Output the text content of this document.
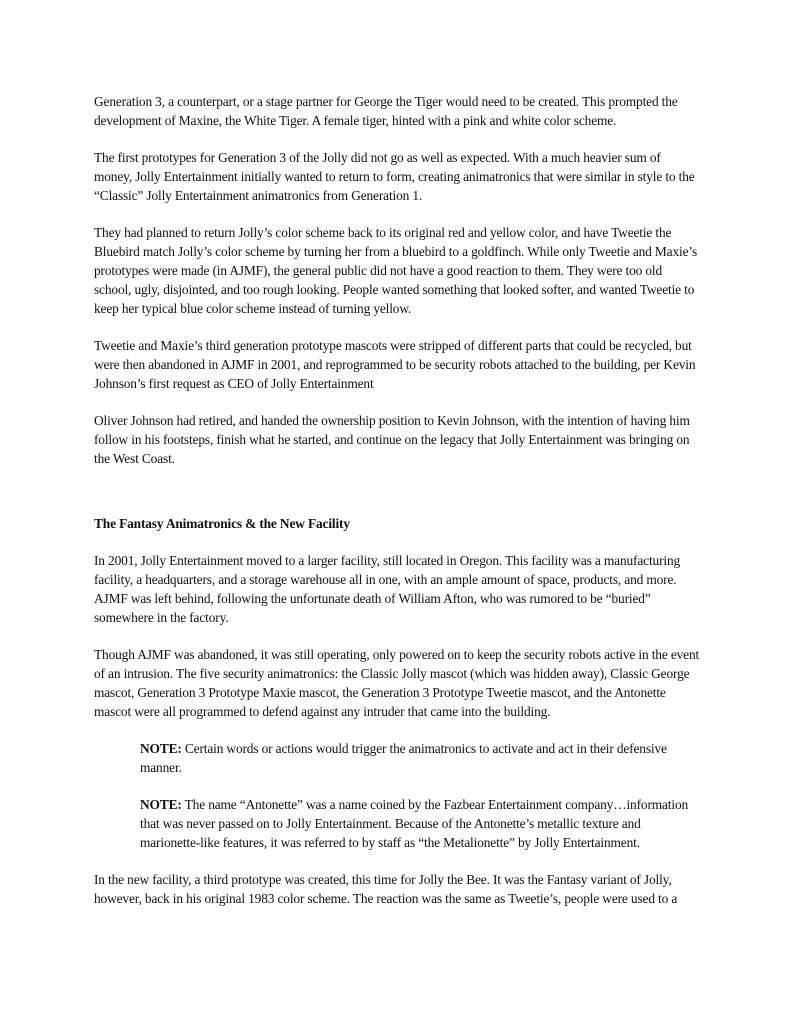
Generation 3, a counterpart, or a stage partner for George the Tiger would need to be created. This prompted the development of Maxine, the White Tiger. A female tiger, hinted with a pink and white color scheme.

The first prototypes for Generation 3 of the Jolly did not go as well as expected. With a much heavier sum of money, Jolly Entertainment initially wanted to return to form, creating animatronics that were similar in style to the “Classic” Jolly Entertainment animatronics from Generation 1.

They had planned to return Jolly’s color scheme back to its original red and yellow color, and have Tweetie the Bluebird match Jolly’s color scheme by turning her from a bluebird to a goldfinch. While only Tweetie and Maxie’s prototypes were made (in AJMF), the general public did not have a good reaction to them. They were too old school, ugly, disjointed, and too rough looking. People wanted something that looked softer, and wanted Tweetie to keep her typical blue color scheme instead of turning yellow.

Tweetie and Maxie’s third generation prototype mascots were stripped of different parts that could be recycled, but were then abandoned in AJMF in 2001, and reprogrammed to be security robots attached to the building, per Kevin Johnson’s first request as CEO of Jolly Entertainment

Oliver Johnson had retired, and handed the ownership position to Kevin Johnson, with the intention of having him follow in his footsteps, finish what he started, and continue on the legacy that Jolly Entertainment was bringing on the West Coast.

The Fantasy Animatronics & the New Facility

In 2001, Jolly Entertainment moved to a larger facility, still located in Oregon. This facility was a manufacturing facility, a headquarters, and a storage warehouse all in one, with an ample amount of space, products, and more. AJMF was left behind, following the unfortunate death of William Afton, who was rumored to be “buried” somewhere in the factory.

Though AJMF was abandoned, it was still operating, only powered on to keep the security robots active in the event of an intrusion. The five security animatronics: the Classic Jolly mascot (which was hidden away), Classic George mascot, Generation 3 Prototype Maxie mascot, the Generation 3 Prototype Tweetie mascot, and the Antonette mascot were all programmed to defend against any intruder that came into the building.

NOTE: Certain words or actions would trigger the animatronics to activate and act in their defensive manner.

NOTE: The name “Antonette” was a name coined by the Fazbear Entertainment company…information that was never passed on to Jolly Entertainment. Because of the Antonette’s metallic texture and marionette-like features, it was referred to by staff as “the Metalionette” by Jolly Entertainment.

In the new facility, a third prototype was created, this time for Jolly the Bee. It was the Fantasy variant of Jolly, however, back in his original 1983 color scheme. The reaction was the same as Tweetie’s, people were used to a
